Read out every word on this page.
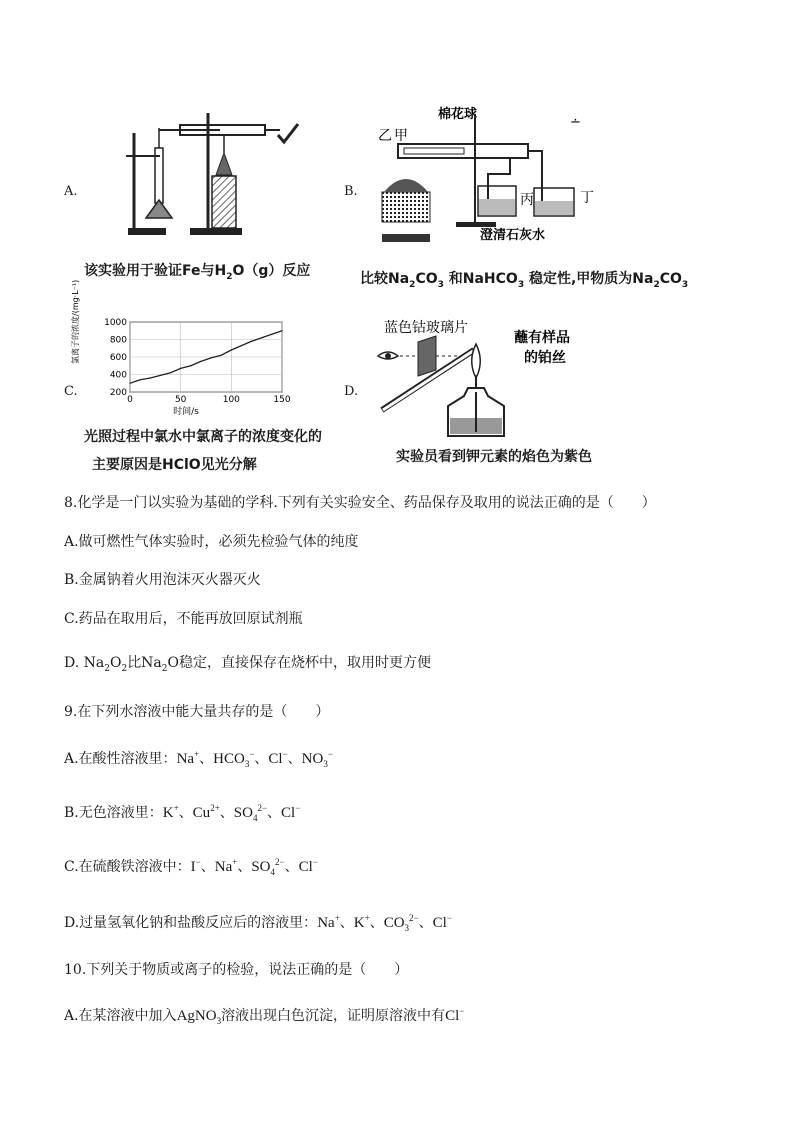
A.
该实验用于验证Fe与$H_2O(g)$反应
B.
乙 甲
棉花球
∸
丙	丁
澄清石灰水
比较$Na_2CO_3$ 和NaHCO$_3$ 稳定性,甲物质为$Na_2CO_3$
C.
氯离子的浓度/(mg·L⁻¹)
时间/s
200
400
600
800
1000
0	50	100	150
光照过程中氯水中氯离子的浓度变化的
主要原因是HClO见光分解
D.
蓝色钴玻璃片
蘸有样品
的铂丝
实验员看到钾元素的焰色为紫色
8.化学是一门以实验为基础的学科.下列有关实验安全、药品保存及取用的说法正确的是（　　）
A.做可燃性气体实验时，必须先检验气体的纯度
B.金属钠着火用泡沫灭火器灭火
C.药品在取用后，不能再放回原试剂瓶
D. $Na_2O_2$比$Na_2O$稳定，直接保存在烧杯中，取用时更方便
9.在下列水溶液中能大量共存的是（　　）
A.在酸性溶液里：Na+、$HCO_3^-$、Cl−、$NO_3^-$
B.无色溶液里：K+、$Cu^{2+}$、$SO_4^{2-}$、Cl−
C.在硫酸铁溶液中：I−、Na+、$SO_4^{2-}$、Cl−
D.过量氢氧化钠和盐酸反应后的溶液里：Na+、K+、$CO_3^{2-}$、Cl−
10.下列关于物质或离子的检验，说法正确的是（　　）
A.在某溶液中加入AgNO$_3$溶液出现白色沉淀，证明原溶液中有Cl−
